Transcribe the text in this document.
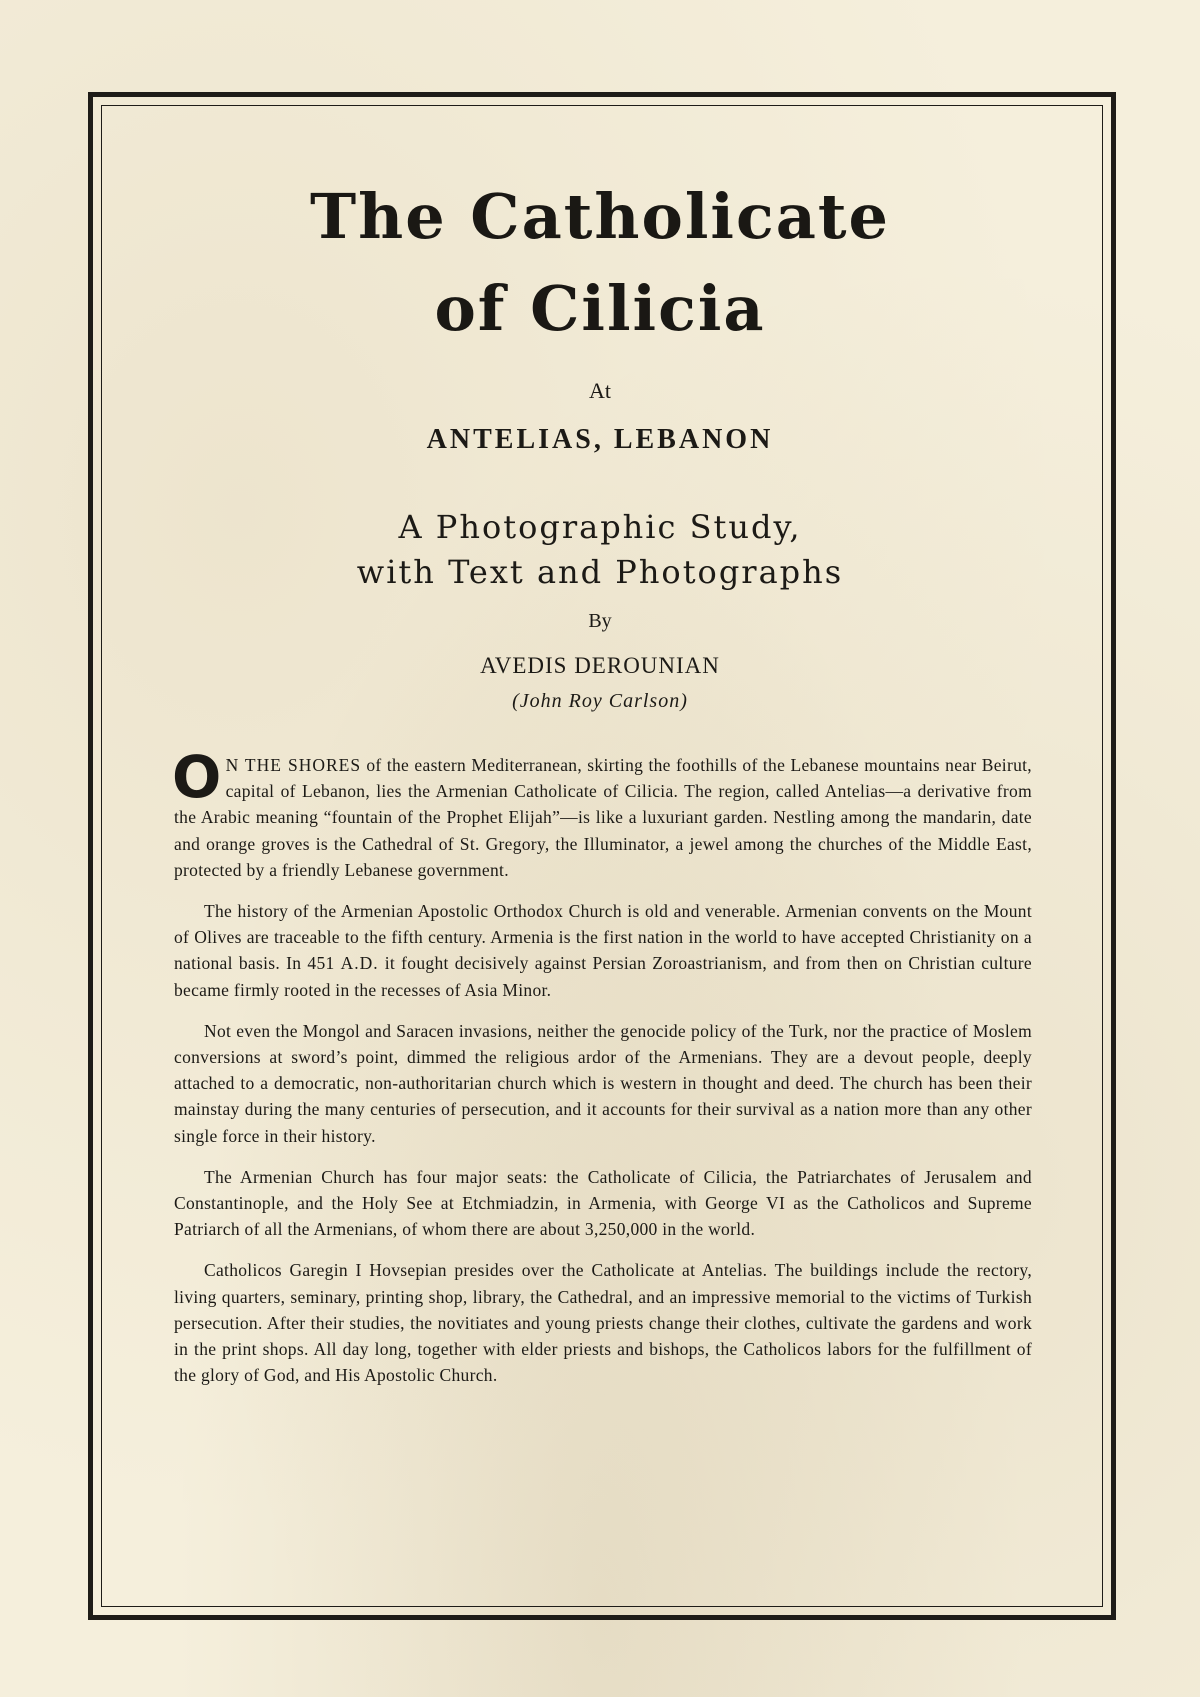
The Catholicate
of Cilicia
At
ANTELIAS, LEBANON
A Photographic Study,
with Text and Photographs
By
AVEDIS DEROUNIAN
(John Roy Carlson)

O N THE SHORES of the eastern Mediterranean, skirting the foothills of the Lebanese mountains near Beirut, capital of Lebanon, lies the Armenian Catholicate of Cilicia. The region, called Antelias—a derivative from the Arabic meaning “fountain of the Prophet Elijah”—is like a luxuriant garden. Nestling among the mandarin, date and orange groves is the Cathedral of St. Gregory, the Illuminator, a jewel among the churches of the Middle East, protected by a friendly Lebanese government.

The history of the Armenian Apostolic Orthodox Church is old and venerable. Armenian convents on the Mount of Olives are traceable to the fifth century. Armenia is the first nation in the world to have accepted Christianity on a national basis. In 451 A.D. it fought decisively against Persian Zoroastrianism, and from then on Christian culture became firmly rooted in the recesses of Asia Minor.

Not even the Mongol and Saracen invasions, neither the genocide policy of the Turk, nor the practice of Moslem conversions at sword’s point, dimmed the religious ardor of the Armenians. They are a devout people, deeply attached to a democratic, non-authoritarian church which is western in thought and deed. The church has been their mainstay during the many centuries of persecution, and it accounts for their survival as a nation more than any other single force in their history.

The Armenian Church has four major seats: the Catholicate of Cilicia, the Patriarchates of Jerusalem and Constantinople, and the Holy See at Etchmiadzin, in Armenia, with George VI as the Catholicos and Supreme Patriarch of all the Armenians, of whom there are about 3,250,000 in the world.

Catholicos Garegin I Hovsepian presides over the Catholicate at Antelias. The buildings include the rectory, living quarters, seminary, printing shop, library, the Cathedral, and an impressive memorial to the victims of Turkish persecution. After their studies, the novitiates and young priests change their clothes, cultivate the gardens and work in the print shops. All day long, together with elder priests and bishops, the Catholicos labors for the fulfillment of the glory of God, and His Apostolic Church.
